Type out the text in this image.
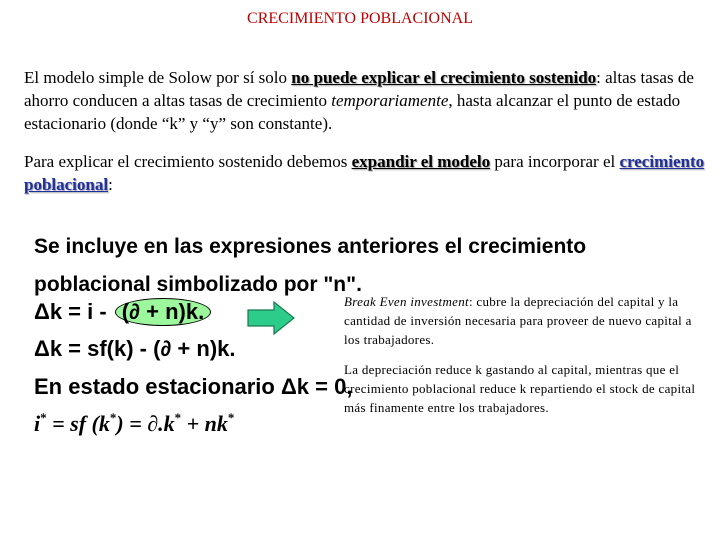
CRECIMIENTO POBLACIONAL
El modelo simple de Solow por sí solo no puede explicar el crecimiento sostenido: altas tasas de ahorro conducen a altas tasas de crecimiento temporariamente, hasta alcanzar el punto de estado estacionario (donde “k” y “y” son constante).
Para explicar el crecimiento sostenido debemos expandir el modelo para incorporar el crecimiento poblacional:
Se incluye en las expresiones anteriores el crecimiento poblacional simbolizado por "n".
Δk = i - (∂ + n)k.
Δk = sf(k) - (∂ + n)k.
En estado estacionario Δk = 0,
i* = sf (k*) = ∂.k* + nk*
Break Even investment: cubre la depreciación del capital y la cantidad de inversión necesaria para proveer de nuevo capital a los trabajadores.
La depreciación reduce k gastando al capital, mientras que el crecimiento poblacional reduce k repartiendo el stock de capital más finamente entre los trabajadores.
